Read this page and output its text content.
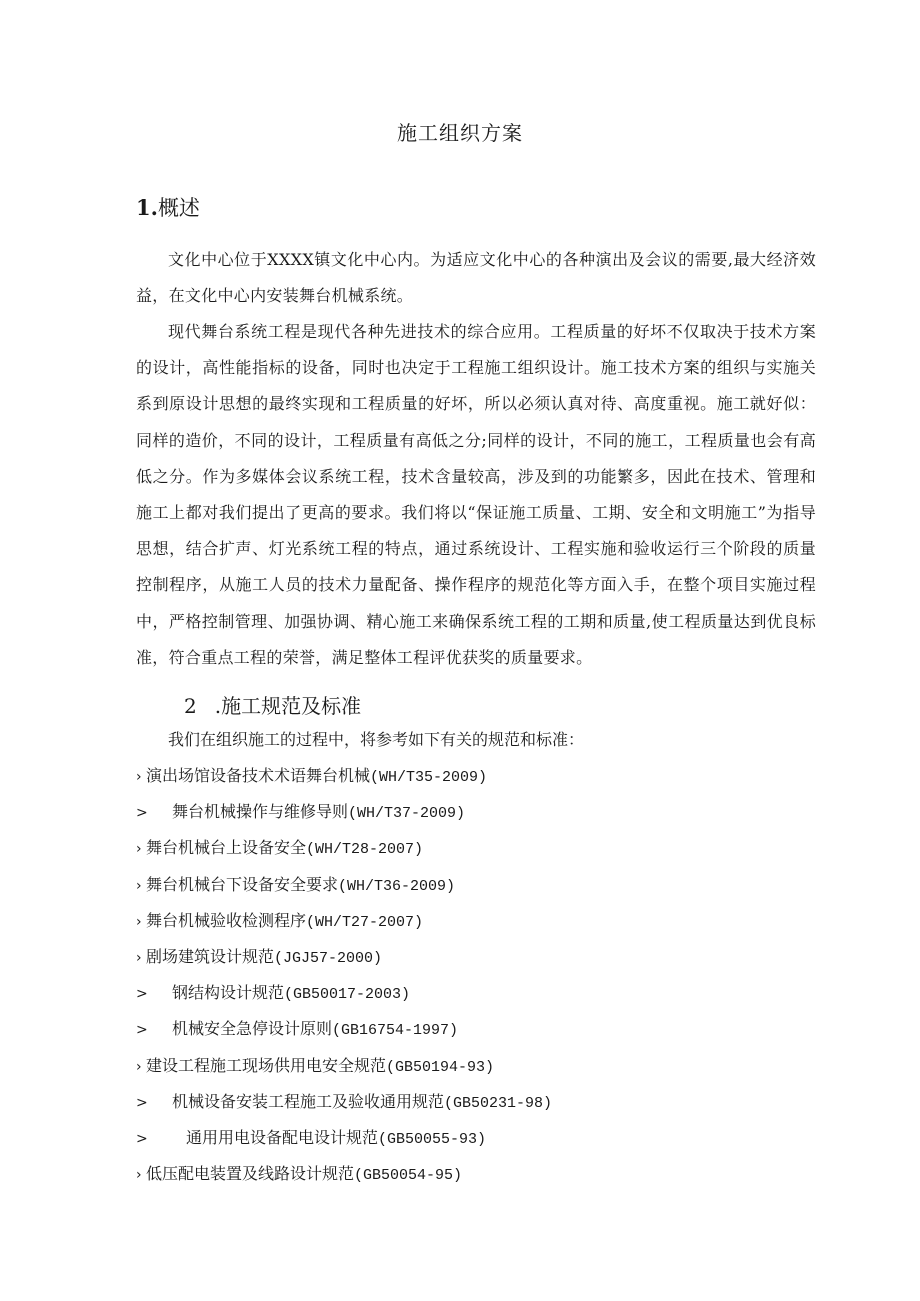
施工组织方案
1.概述

文化中心位于XXXX镇文化中心内。为适应文化中心的各种演出及会议的需要,最大经济效益，在文化中心内安装舞台机械系统。

现代舞台系统工程是现代各种先进技术的综合应用。工程质量的好坏不仅取决于技术方案的设计，高性能指标的设备，同时也决定于工程施工组织设计。施工技术方案的组织与实施关系到原设计思想的最终实现和工程质量的好坏，所以必须认真对待、高度重视。施工就好似：同样的造价，不同的设计，工程质量有高低之分;同样的设计，不同的施工，工程质量也会有高低之分。作为多媒体会议系统工程，技术含量较高，涉及到的功能繁多，因此在技术、管理和施工上都对我们提出了更高的要求。我们将以“保证施工质量、工期、安全和文明施工”为指导思想，结合扩声、灯光系统工程的特点，通过系统设计、工程实施和验收运行三个阶段的质量控制程序，从施工人员的技术力量配备、操作程序的规范化等方面入手，在整个项目实施过程中，严格控制管理、加强协调、精心施工来确保系统工程的工期和质量,使工程质量达到优良标准，符合重点工程的荣誉，满足整体工程评优获奖的质量要求。

2 .施工规范及标准

我们在组织施工的过程中，将参考如下有关的规范和标准：

› 演出场馆设备技术术语舞台机械(WH/T35-2009)
> 舞台机械操作与维修导则(WH/T37-2009)
› 舞台机械台上设备安全(WH/T28-2007)
› 舞台机械台下设备安全要求(WH/T36-2009)
› 舞台机械验收检测程序(WH/T27-2007)
› 剧场建筑设计规范(JGJ57-2000)
> 钢结构设计规范(GB50017-2003)
> 机械安全急停设计原则(GB16754-1997)
› 建设工程施工现场供用电安全规范(GB50194-93)
> 机械设备安装工程施工及验收通用规范(GB50231-98)
> 通用用电设备配电设计规范(GB50055-93)
› 低压配电装置及线路设计规范(GB50054-95)
